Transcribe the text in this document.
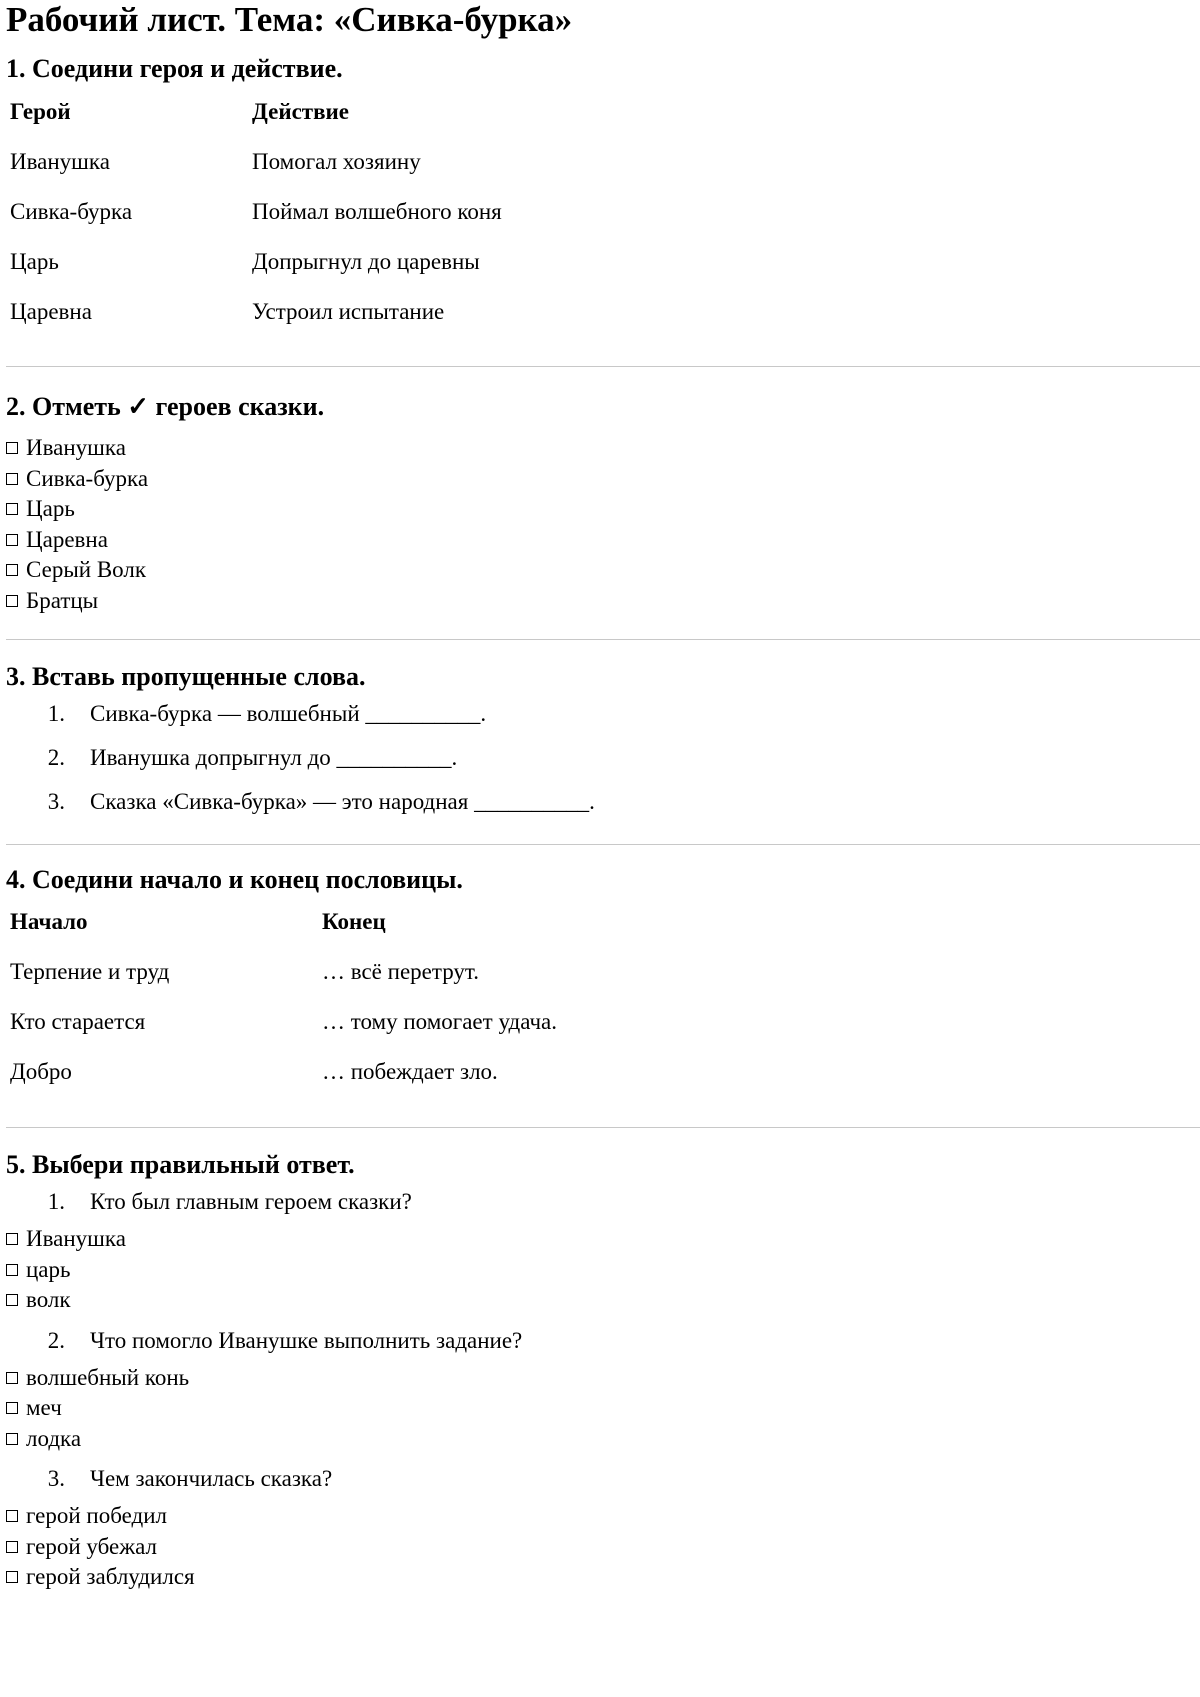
Рабочий лист. Тема: «Сивка-бурка»
1. Соедини героя и действие.
Герой	Действие
Иванушка	Помогал хозяину
Сивка-бурка	Поймал волшебного коня
Царь	Допрыгнул до царевны
Царевна	Устроил испытание
2. Отметь ✓ героев сказки.
Иванушка
Сивка-бурка
Царь
Царевна
Серый Волк
Братцы
3. Вставь пропущенные слова.
1. Сивка-бурка — волшебный __________.
2. Иванушка допрыгнул до __________.
3. Сказка «Сивка-бурка» — это народная __________.
4. Соедини начало и конец пословицы.
Начало	Конец
Терпение и труд	… всё перетрут.
Кто старается	… тому помогает удача.
Добро	… побеждает зло.
5. Выбери правильный ответ.
1. Кто был главным героем сказки?
Иванушка
царь
волк
2. Что помогло Иванушке выполнить задание?
волшебный конь
меч
лодка
3. Чем закончилась сказка?
герой победил
герой убежал
герой заблудился
